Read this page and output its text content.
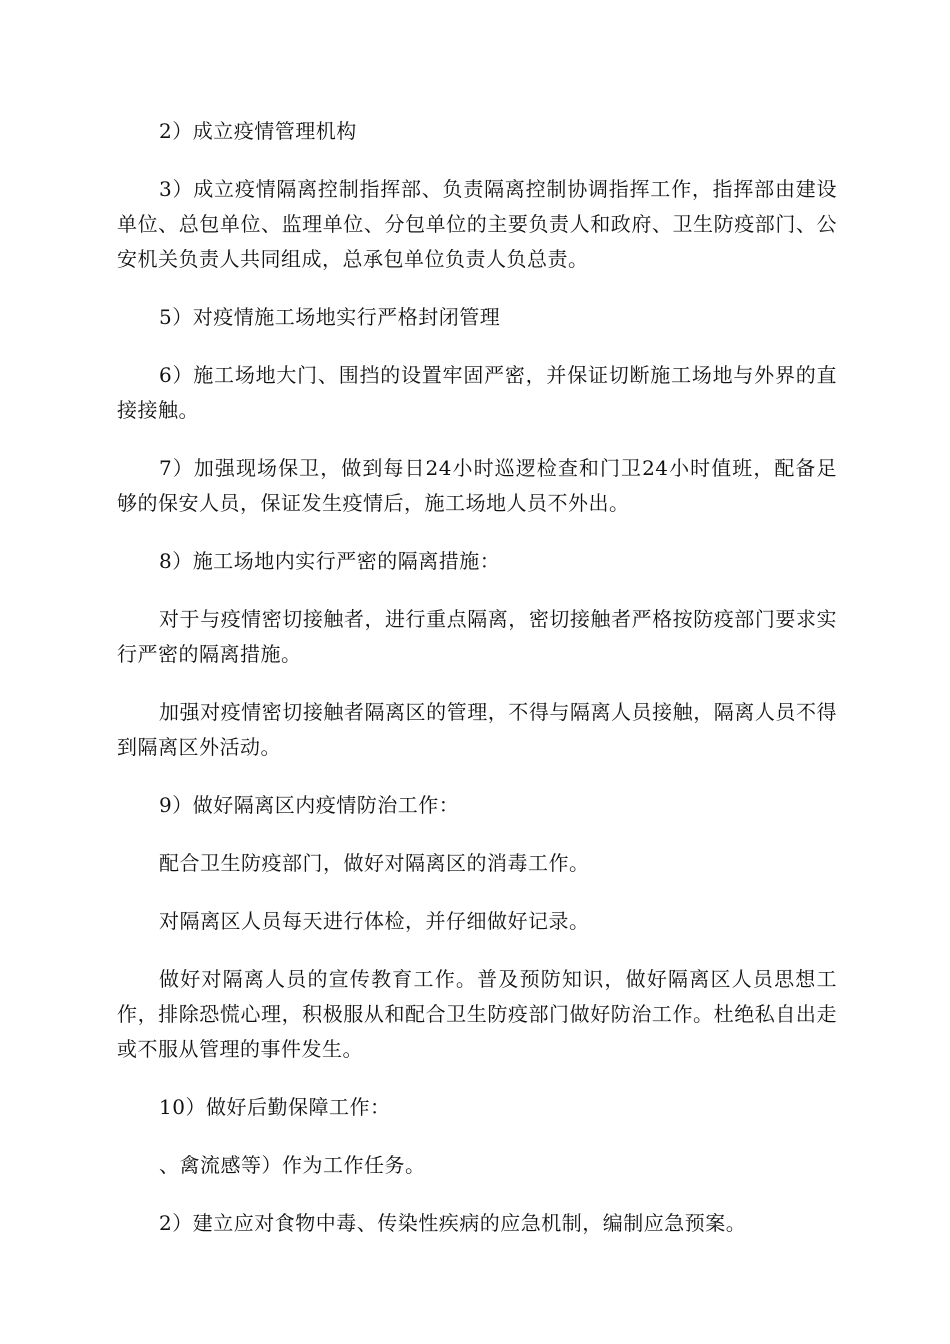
2）成立疫情管理机构

3）成立疫情隔离控制指挥部、负责隔离控制协调指挥工作，指挥部由建设单位、总包单位、监理单位、分包单位的主要负责人和政府、卫生防疫部门、公安机关负责人共同组成，总承包单位负责人负总责。

5）对疫情施工场地实行严格封闭管理

6）施工场地大门、围挡的设置牢固严密，并保证切断施工场地与外界的直接接触。

7）加强现场保卫，做到每日24小时巡逻检查和门卫24小时值班，配备足够的保安人员，保证发生疫情后，施工场地人员不外出。

8）施工场地内实行严密的隔离措施：

对于与疫情密切接触者，进行重点隔离，密切接触者严格按防疫部门要求实行严密的隔离措施。

加强对疫情密切接触者隔离区的管理，不得与隔离人员接触，隔离人员不得到隔离区外活动。

9）做好隔离区内疫情防治工作：

配合卫生防疫部门，做好对隔离区的消毒工作。

对隔离区人员每天进行体检，并仔细做好记录。

做好对隔离人员的宣传教育工作。普及预防知识，做好隔离区人员思想工作，排除恐慌心理，积极服从和配合卫生防疫部门做好防治工作。杜绝私自出走或不服从管理的事件发生。

10）做好后勤保障工作：

、禽流感等）作为工作任务。

2）建立应对食物中毒、传染性疾病的应急机制，编制应急预案。
